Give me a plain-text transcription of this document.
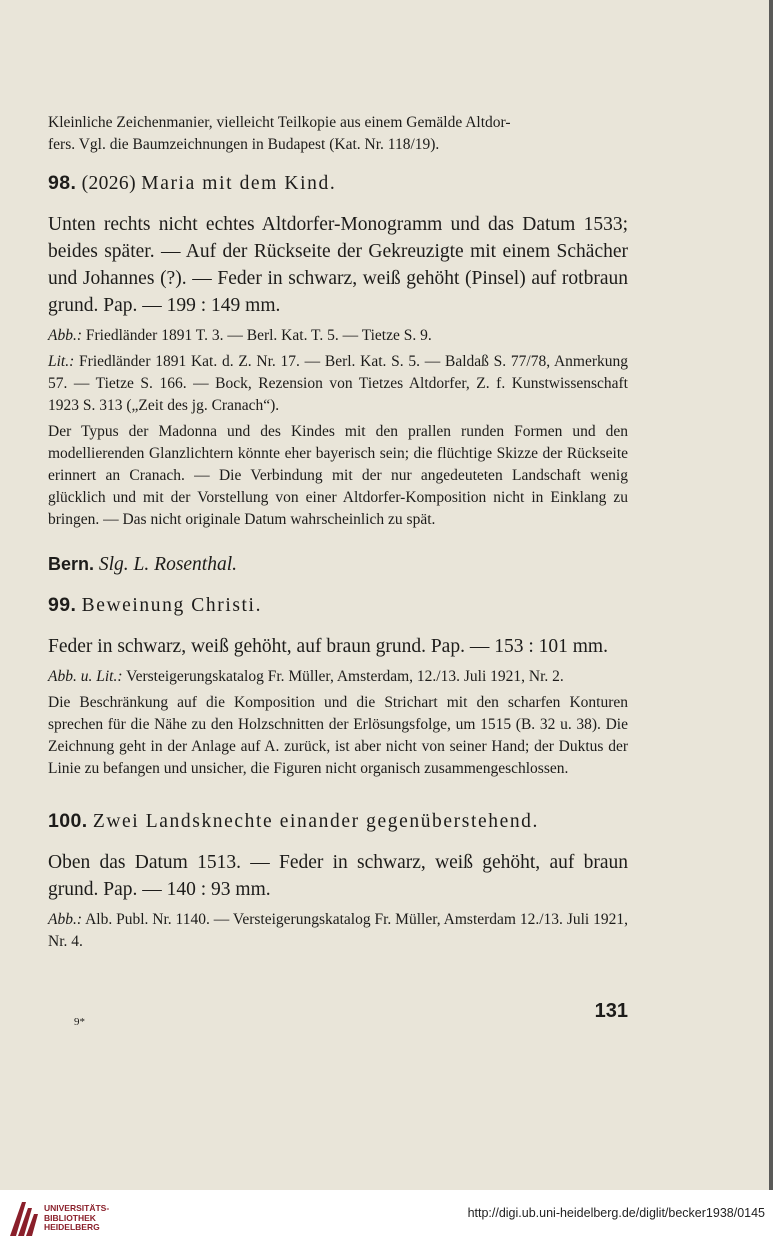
Kleinliche Zeichenmanier, vielleicht Teilkopie aus einem Gemälde Altdor-
fers. Vgl. die Baumzeichnungen in Budapest (Kat. Nr. 118/19).

98. (2026) Maria mit dem Kind.

Unten rechts nicht echtes Altdorfer-Monogramm und das Datum 1533; beides später. — Auf der Rückseite der Gekreuzigte mit einem Schächer und Johannes (?). — Feder in schwarz, weiß gehöht (Pinsel) auf rotbraun grund. Pap. — 199 : 149 mm.

Abb.: Friedländer 1891 T. 3. — Berl. Kat. T. 5. — Tietze S. 9.

Lit.: Friedländer 1891 Kat. d. Z. Nr. 17. — Berl. Kat. S. 5. — Baldaß S. 77/78, Anmerkung 57. — Tietze S. 166. — Bock, Rezension von Tietzes Altdorfer, Z. f. Kunstwissenschaft 1923 S. 313 („Zeit des jg. Cranach“).

Der Typus der Madonna und des Kindes mit den prallen runden Formen und den modellierenden Glanzlichtern könnte eher bayerisch sein; die flüchtige Skizze der Rückseite erinnert an Cranach. — Die Verbindung mit der nur angedeuteten Landschaft wenig glücklich und mit der Vorstellung von einer Altdorfer-Komposition nicht in Einklang zu bringen. — Das nicht originale Datum wahrscheinlich zu spät.

Bern. Slg. L. Rosenthal.

99. Beweinung Christi.

Feder in schwarz, weiß gehöht, auf braun grund. Pap. — 153 : 101 mm.

Abb. u. Lit.: Versteigerungskatalog Fr. Müller, Amsterdam, 12./13. Juli 1921, Nr. 2.

Die Beschränkung auf die Komposition und die Strichart mit den scharfen Konturen sprechen für die Nähe zu den Holzschnitten der Erlösungsfolge, um 1515 (B. 32 u. 38). Die Zeichnung geht in der Anlage auf A. zurück, ist aber nicht von seiner Hand; der Duktus der Linie zu befangen und unsicher, die Figuren nicht organisch zusammengeschlossen.

100. Zwei Landsknechte einander gegenüberstehend.

Oben das Datum 1513. — Feder in schwarz, weiß gehöht, auf braun grund. Pap. — 140 : 93 mm.

Abb.: Alb. Publ. Nr. 1140. — Versteigerungskatalog Fr. Müller, Amsterdam 12./13. Juli 1921, Nr. 4.

9*	131
UNIVERSITÄTS-
BIBLIOTHEK
HEIDELBERG
http://digi.ub.uni-heidelberg.de/diglit/becker1938/0145
